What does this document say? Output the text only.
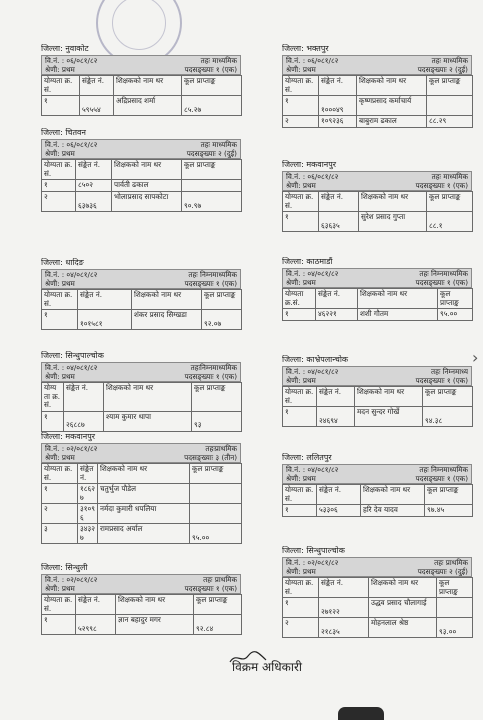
जिल्ला: नुवाकोट
वि.नं. : ०६/०८१/८२	तहः माध्यमिक
श्रेणी: प्रथम	पदसङ्ख्याः १ (एक)
योग्यता क्र.सं.	संङ्केत नं.	शिक्षकको नाम थर	कूल प्राप्ताङ्क
१	५९५५४	अद्रिप्रसाद शर्मा	८५.२७
जिल्ला: चितवन
वि.नं. : ०६/०८१/८२	तहः माध्यमिक
श्रेणी: प्रथम	पदसङ्ख्याः २ (दुई)
योग्यता क्र.सं.	संङ्केत नं.	शिक्षकको नाम थर	कूल प्राप्ताङ्क
१	८५०२	पार्वती ढकाल	
२	६३७३६	भोलाप्रसाद सापकोटा	९०.९७
जिल्ला: धादिङ
वि.नं. : ०४/०८१/८२	तहः निम्नमाध्यमिक
श्रेणी: प्रथम	पदसङ्ख्याः १ (एक)
योग्यता क्र.सं.	संङ्केत नं.	शिक्षकको नाम थर	कूल प्राप्ताङ्क
१	१०१५८१	शंकर प्रसाद सिग्खडा	९२.०७
जिल्ला: सिन्धुपाल्चोक
वि.नं. : ०४/०८१/८२	तहःनिम्नमाध्यमिक
श्रेणी: प्रथम	पदसङ्ख्याः १ (एक)
योग्यता क्र.सं.	संङ्केत नं.	शिक्षकको नाम थर	कूल प्राप्ताङ्क
१	२६८८७	श्याम कुमार थापा	९३
जिल्ला: मकवानपुर
वि.नं. : ०२/०८१/८२	तहःप्राथमिक
श्रेणी: प्रथम	पदसङ्ख्याः ३ (तीन)
योग्यता क्र.सं.	संङ्केत नं.	शिक्षकको नाम थर	कूल प्राप्ताङ्क
१	१८६२७	चतुर्भुज पौडेल	
२	३१०९६	नर्मदा कुमारी धपलिया	
३	३४३२७	रामप्रसाद अर्याल	९५.००
जिल्ला: सिन्धुली
वि.नं. : ०२/०८१/८२	तहः प्राथमिक
श्रेणी: प्रथम	पदसङ्ख्याः १ (एक)
योग्यता क्र.सं.	संङ्केत नं.	शिक्षकको नाम थर	कूल प्राप्ताङ्क
१	५२९९८	ज्ञान बहादुर मगर	९२.८४
जिल्ला: भक्तपुर
वि.नं. : ०६/०८१/८२	तहः माध्यमिक
श्रेणी: प्रथम	पदसङ्ख्याः २ (दुई)
योग्यता क्र.सं.	संङ्केत नं.	शिक्षकको नाम थर	कूल प्राप्ताङ्क
१	१०००४९	कृष्णप्रसाद कर्माचार्य	
२	१०९२३६	बाबुराम ढकाल	८८.२९
जिल्ला: मकवानपुर
वि.नं. : ०६/०८१/८२	तहः माध्यमिक
श्रेणी: प्रथम	पदसङ्ख्याः १ (एक)
योग्यता क्र.सं.	संङ्केत नं.	शिक्षकको नाम थर	कूल प्राप्ताङ्क
१	६३६३५	सुरेश प्रसाद गुप्ता	८८.१
जिल्ला: काठमाडौं
वि.नं. : ०४/०८१/८२	तहः निम्नमाध्यमिक
श्रेणी: प्रथम	पदसङ्ख्याः १ (एक)
योग्यता क्र.सं.	संङ्केत नं.	शिक्षकको नाम थर	कूल प्राप्ताङ्क
१	४६२२१	शशी गौतम	९५.००
जिल्ला: काभ्रेपलान्चोक
वि.नं. : ०४/०८१/८२	तहः निम्नमाध्य
श्रेणी: प्रथम	पदसङ्ख्याः १ (एक)
योग्यता क्र.सं.	संङ्केत नं.	शिक्षकको नाम थर	कूल प्राप्ताङ्क
१	२४६९४	मदन सुन्दर गोर्खे	९४.३८
जिल्ला: ललितपुर
वि.नं. : ०४/०८१/८२	तहः निम्नमाध्यमिक
श्रेणी: प्रथम	पदसङ्ख्याः १ (एक)
योग्यता क्र.सं.	संङ्केत नं.	शिक्षकको नाम थर	कूल प्राप्ताङ्क
१	५३३०६	हरि देव यादव	९७.४५
जिल्ला: सिन्धुपाल्चोक
वि.नं. : ०२/०८१/८२	तहः प्राथमिक
श्रेणी: प्रथम	पदसङ्ख्याः २ (दुई)
योग्यता क्र.सं.	संङ्केत नं.	शिक्षकको नाम थर	कूल प्राप्ताङ्क
१	२७१२२	उद्धव प्रसाद चौलागाई	
२	२१८३५	मोहनलाल श्रेष्ठ	९३.००
विक्रम अधिकारी
›
